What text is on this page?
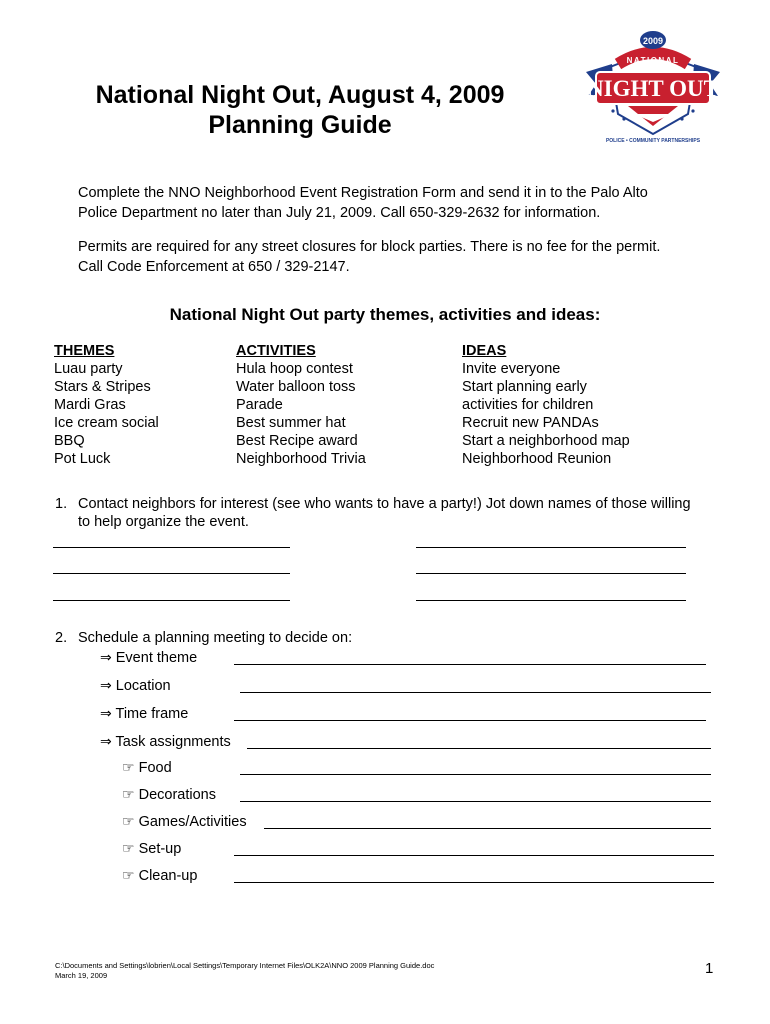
National Night Out, August 4, 2009
Planning Guide
2009
NATIONAL
NIGHT OUT
POLICE • COMMUNITY PARTNERSHIPS
Complete the NNO Neighborhood Event Registration Form and send it in to the Palo Alto
Police Department no later than July 21, 2009. Call 650-329-2632 for information.
Permits are required for any street closures for block parties. There is no fee for the permit.
Call Code Enforcement at 650 / 329-2147.
National Night Out party themes, activities and ideas:
THEMES
Luau party
Stars & Stripes
Mardi Gras
Ice cream social
BBQ
Pot Luck
ACTIVITIES
Hula hoop contest
Water balloon toss
Parade
Best summer hat
Best Recipe award
Neighborhood Trivia
IDEAS
Invite everyone
Start planning early
activities for children
Recruit new PANDAs
Start a neighborhood map
Neighborhood Reunion
1. Contact neighbors for interest (see who wants to have a party!) Jot down names of those willing
to help organize the event.
2. Schedule a planning meeting to decide on:
⇒ Event theme
⇒ Location
⇒ Time frame
⇒ Task assignments
☞ Food
☞ Decorations
☞ Games/Activities
☞ Set-up
☞ Clean-up
C:\Documents and Settings\lobrien\Local Settings\Temporary Internet Files\OLK2A\NNO 2009 Planning Guide.doc
March 19, 2009	1
